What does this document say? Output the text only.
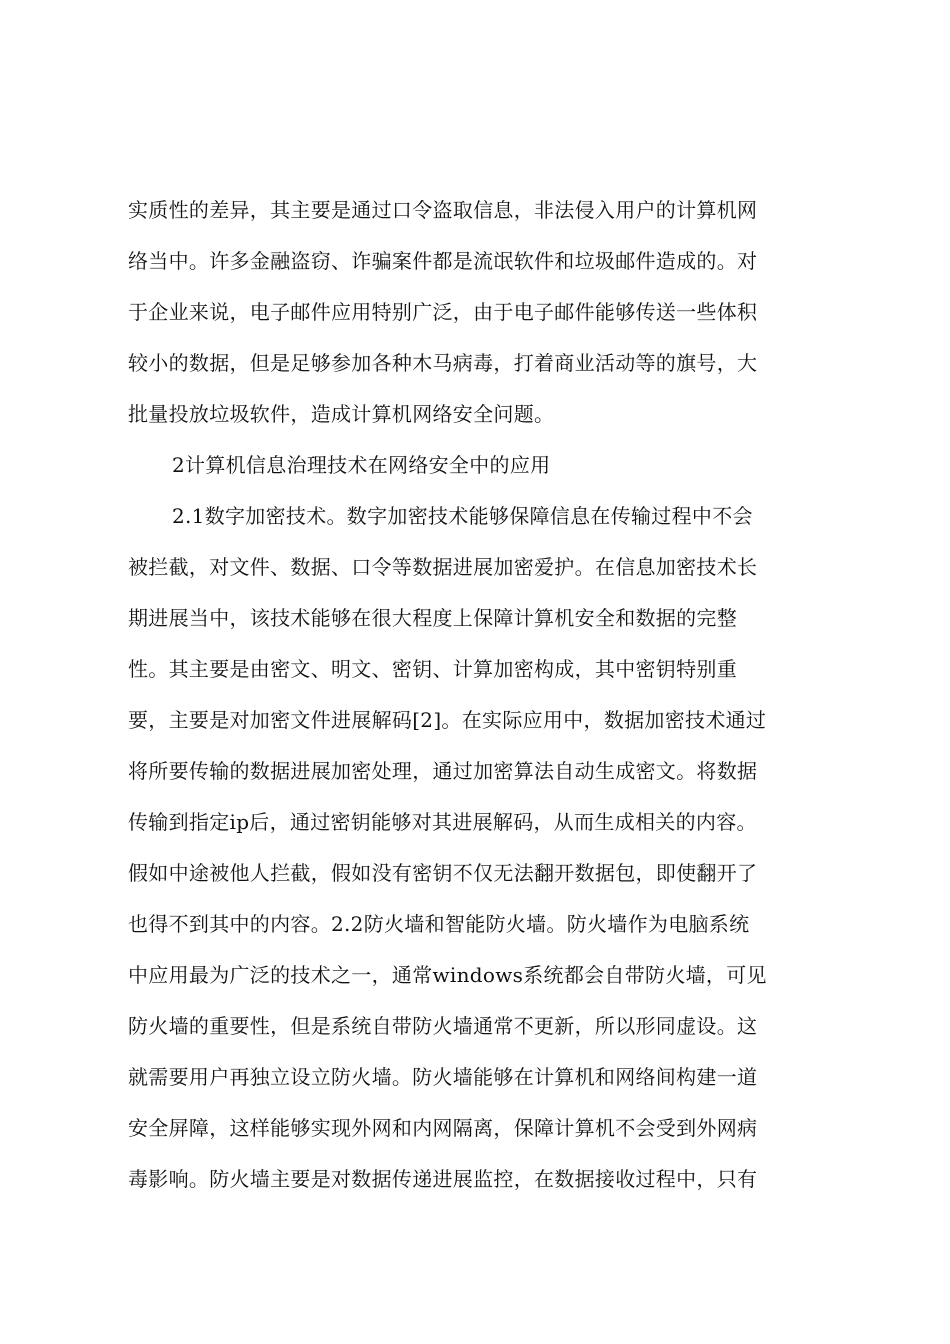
实质性的差异，其主要是通过口令盗取信息，非法侵入用户的计算机网
络当中。许多金融盗窃、诈骗案件都是流氓软件和垃圾邮件造成的。对
于企业来说，电子邮件应用特别广泛，由于电子邮件能够传送一些体积
较小的数据，但是足够参加各种木马病毒，打着商业活动等的旗号，大
批量投放垃圾软件，造成计算机网络安全问题。
2计算机信息治理技术在网络安全中的应用
2.1数字加密技术。数字加密技术能够保障信息在传输过程中不会
被拦截，对文件、数据、口令等数据进展加密爱护。在信息加密技术长
期进展当中，该技术能够在很大程度上保障计算机安全和数据的完整
性。其主要是由密文、明文、密钥、计算加密构成，其中密钥特别重
要，主要是对加密文件进展解码[2]。在实际应用中，数据加密技术通过
将所要传输的数据进展加密处理，通过加密算法自动生成密文。将数据
传输到指定ip后，通过密钥能够对其进展解码，从而生成相关的内容。
假如中途被他人拦截，假如没有密钥不仅无法翻开数据包，即使翻开了
也得不到其中的内容。2.2防火墙和智能防火墙。防火墙作为电脑系统
中应用最为广泛的技术之一，通常windows系统都会自带防火墙，可见
防火墙的重要性，但是系统自带防火墙通常不更新，所以形同虚设。这
就需要用户再独立设立防火墙。防火墙能够在计算机和网络间构建一道
安全屏障，这样能够实现外网和内网隔离，保障计算机不会受到外网病
毒影响。防火墙主要是对数据传递进展监控，在数据接收过程中，只有
